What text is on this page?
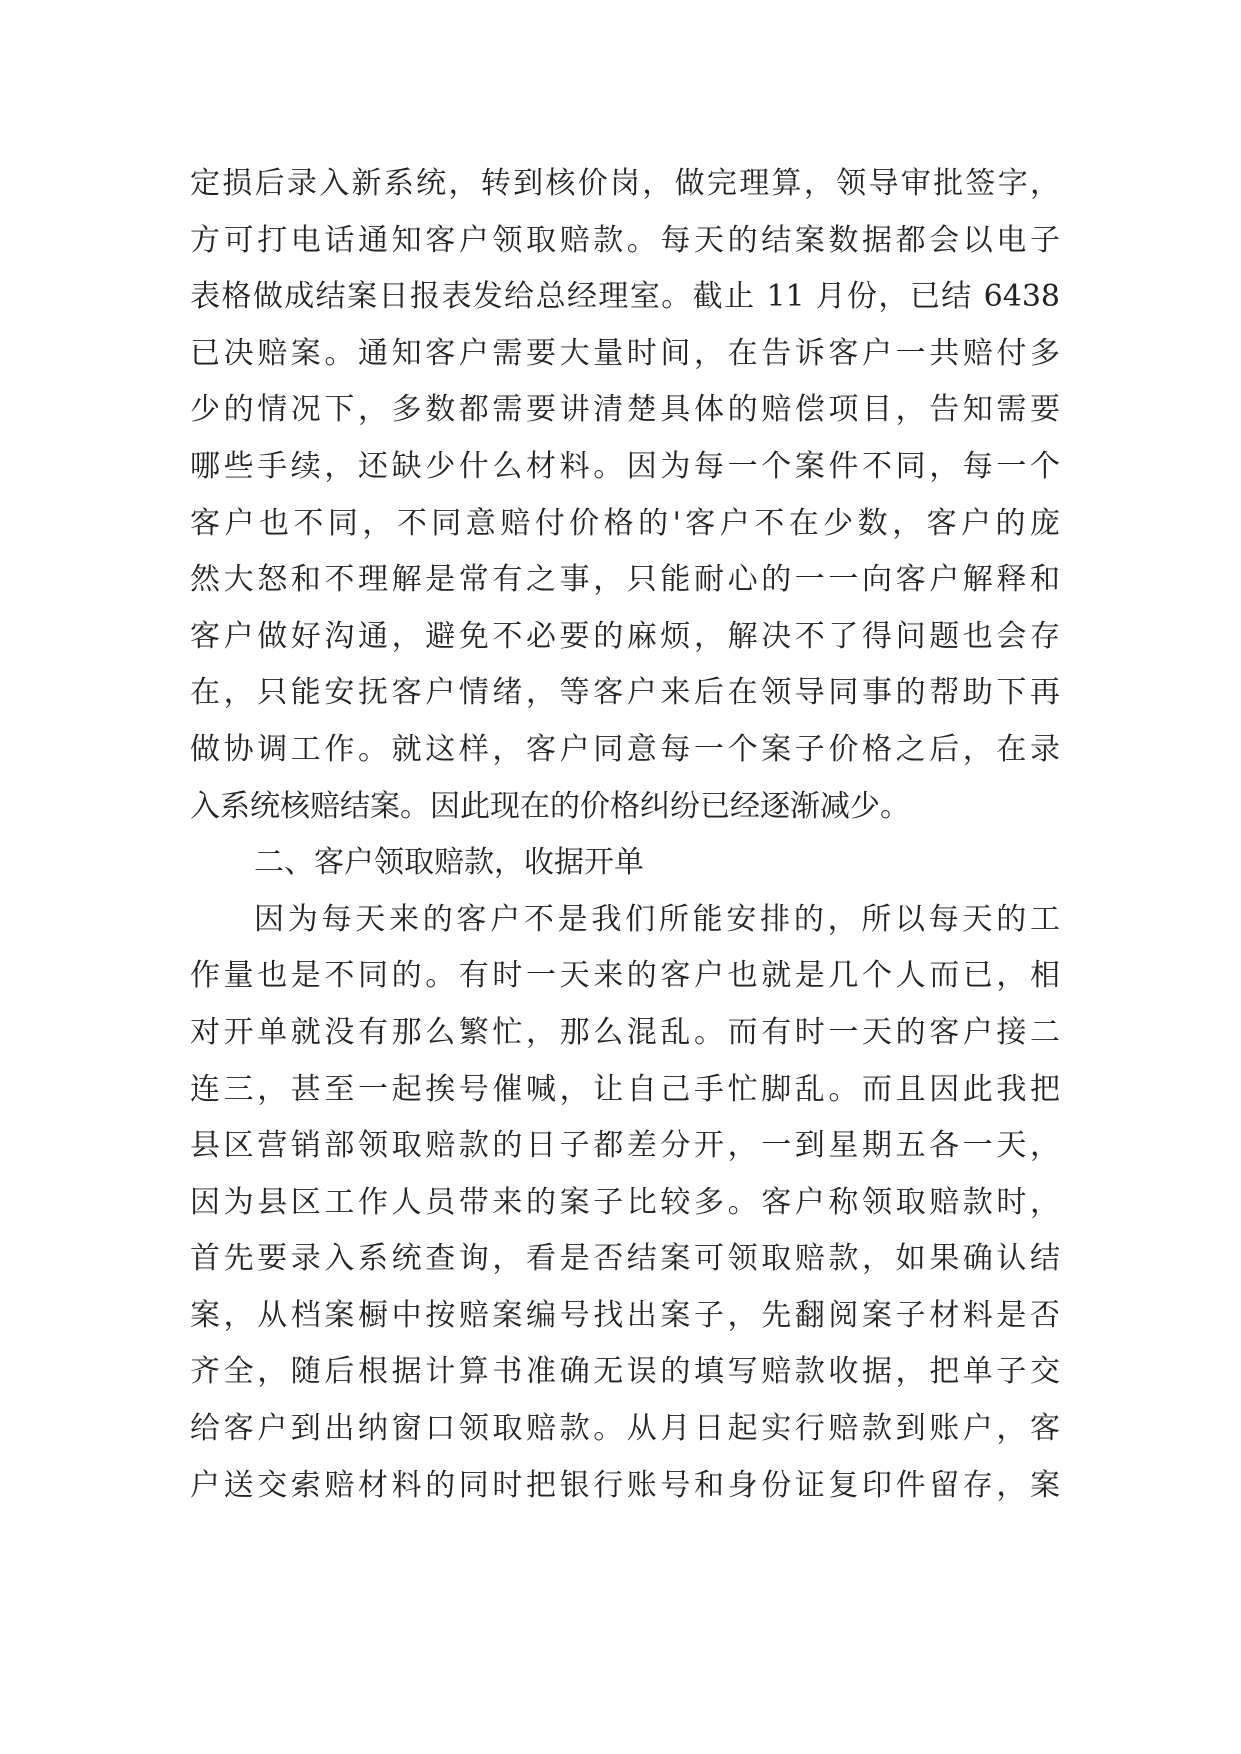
定损后录入新系统，转到核价岗，做完理算，领导审批签字，
方可打电话通知客户领取赔款。每天的结案数据都会以电子
表格做成结案日报表发给总经理室。截止 11 月份，已结 6438
已决赔案。通知客户需要大量时间，在告诉客户一共赔付多
少的情况下，多数都需要讲清楚具体的赔偿项目，告知需要
哪些手续，还缺少什么材料。因为每一个案件不同，每一个
客户也不同，不同意赔付价格的'客户不在少数，客户的庞
然大怒和不理解是常有之事，只能耐心的一一向客户解释和
客户做好沟通，避免不必要的麻烦，解决不了得问题也会存
在，只能安抚客户情绪，等客户来后在领导同事的帮助下再
做协调工作。就这样，客户同意每一个案子价格之后，在录
入系统核赔结案。因此现在的价格纠纷已经逐渐减少。
二、客户领取赔款，收据开单
因为每天来的客户不是我们所能安排的，所以每天的工
作量也是不同的。有时一天来的客户也就是几个人而已，相
对开单就没有那么繁忙，那么混乱。而有时一天的客户接二
连三，甚至一起挨号催喊，让自己手忙脚乱。而且因此我把
县区营销部领取赔款的日子都差分开，一到星期五各一天，
因为县区工作人员带来的案子比较多。客户称领取赔款时，
首先要录入系统查询，看是否结案可领取赔款，如果确认结
案，从档案橱中按赔案编号找出案子，先翻阅案子材料是否
齐全，随后根据计算书准确无误的填写赔款收据，把单子交
给客户到出纳窗口领取赔款。从月日起实行赔款到账户，客
户送交索赔材料的同时把银行账号和身份证复印件留存，案
